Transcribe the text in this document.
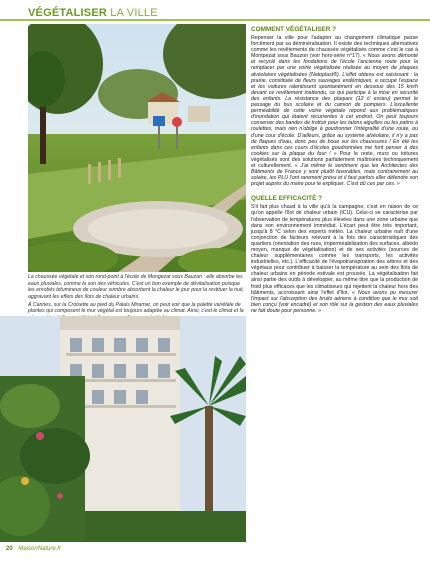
VÉGÉTALISER LA VILLE

La chaussée végétale et son rond-point à l'école de Mongezat sous Bauzan : elle absorbe les eaux pluviales, comme le son des véhicules. C'est un bon exemple de dévitalisation puisque les enrobés bitumineux de couleur sombre absorbent la chaleur le jour pour la restituer la nuit, aggravant les effets des îlots de chaleur urbains.

À Cannes, sur la Croisette au pied du Palais Miramar, on peut voir que la palette variétale de plantes qui composent le mur végétal est toujours adaptée au climat. Ainsi, c'est le climat et la

COMMENT VÉGÉTALISER ?

Repenser la ville pour l'adapter au changement climatique passe forcément par sa déminéralisation. Il existe des techniques alternatives comme les revêtements de chaussée végétalisés comme c'est le cas à Montpezat sous Bauzon (voir hors-série n°17). « Nous avons démonté et recyclé dans les fondations de l'école l'ancienne route pour la remplacer par une voirie végétalisée réalisée au moyen de plaques alvéolaires végétalisées (Natoplast®). L'effet obtenu est saisissant : la prairie, constituée de fleurs sauvages endémiques, a occupé l'espace et les voitures ralentissent spontanément en dessous des 15 km/h devant ce revêtement inattendu, ce qui participe à la mise en sécurité des enfants. La résistance des plaques (12 t/ essieu) permet le passage du bus scolaire et du camion de pompiers. L'excellente perméabilité de cette voirie végétale répond aux problématiques d'inondation qui étaient récurrentes à cet endroit. On peut toujours conserver des bandes de trottoir pour les talons aiguilles ou les patins à roulettes, mais rien n'oblige à goudronner l'intégralité d'une route, ou d'une cour d'école. D'ailleurs, grâce au système alvéolaire, il n'y a pas de flaques d'eau, donc peu de boue sur les chaussures ! En été les enfants dans ces cours d'écoles goudronnées me font penser à des cookies sur la plaque du four ! » Pour le reste, murs ou toitures végétalisés sont des solutions parfaitement maîtrisées techniquement et culturellement. « J'ai même le sentiment que les Architectes des Bâtiments de France y sont plutôt favorables, mais contrairement au solaire, les PLU l'ont rarement prévu et il faut parfois aller défendre son projet auprès du maire pour le expliquer. C'est dû ces par ces. »

QUELLE EFFICACITÉ ?

S'il fait plus chaud à la ville qu'à la campagne, c'est en raison de ce qu'on appelle l'îlot de chaleur urbain (ICU). Celui-ci se caractérise par l'observation de températures plus élevées dans une zone urbaine que dans son environnement immédiat. L'écart peut être très important, jusqu'à 8 °C selon des experts météo. La chaleur urbaine naît d'une conjonction de facteurs relevant à la fois des caractéristiques des quartiers (orientation des rues, imperméabilisation des surfaces, albédo moyen, manque de végétalisation) et de ses activités (sources de chaleur supplémentaires comme les transports, les activités industrielles, etc.). L'efficacité de l'évapotranspiration des arbres et des végétaux pour contribuer à baisser la température au sein des îlots de chaleur urbains en période estivale est prouvée. La végétalisation fait ainsi partie des outils à développer, au même titre que la production de froid plus efficaces que les climatiseurs qui rejettent la chaleur hors des bâtiments, accroissant ainsi l'effet d'îlot. « Nous avons pu mesurer l'impact sur l'absorption des bruits aériens à condition que le mur soit bien conçu (voir encadré) et son rôle sur la gestion des eaux pluviales ne fait doute pour personne. »

20 MaisonNature.fr
